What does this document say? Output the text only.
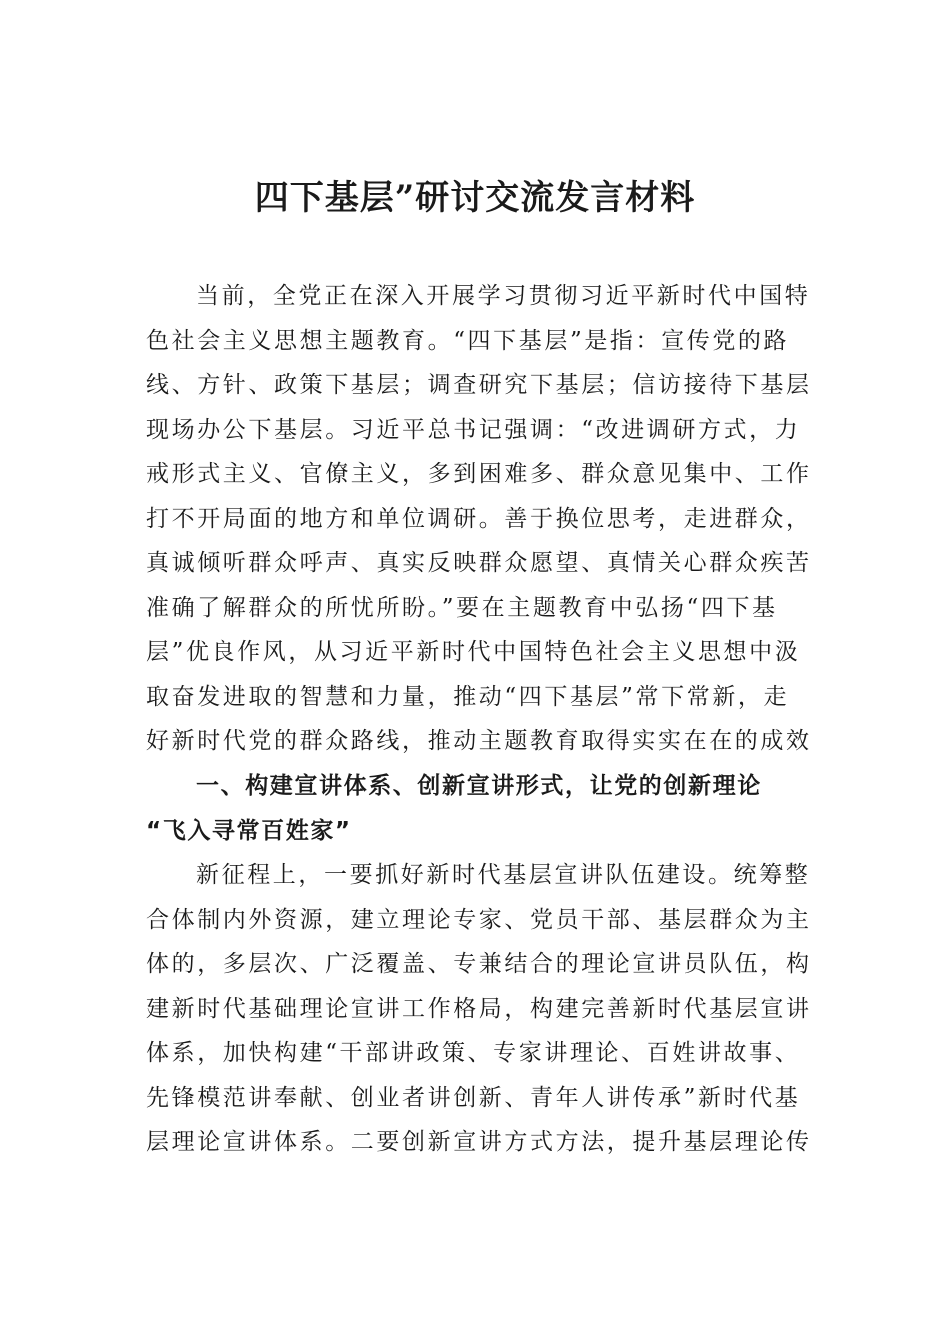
四下基层”研讨交流发言材料
当前，全党正在深入开展学习贯彻习近平新时代中国特
色社会主义思想主题教育。“四下基层”是指：宣传党的路
线、方针、政策下基层；调查研究下基层；信访接待下基层
现场办公下基层。习近平总书记强调：“改进调研方式，力
戒形式主义、官僚主义，多到困难多、群众意见集中、工作
打不开局面的地方和单位调研。善于换位思考，走进群众，
真诚倾听群众呼声、真实反映群众愿望、真情关心群众疾苦
准确了解群众的所忧所盼。”要在主题教育中弘扬“四下基
层”优良作风，从习近平新时代中国特色社会主义思想中汲
取奋发进取的智慧和力量，推动“四下基层”常下常新，走
好新时代党的群众路线，推动主题教育取得实实在在的成效
一、构建宣讲体系、创新宣讲形式，让党的创新理论
“飞入寻常百姓家”
新征程上，一要抓好新时代基层宣讲队伍建设。统筹整
合体制内外资源，建立理论专家、党员干部、基层群众为主
体的，多层次、广泛覆盖、专兼结合的理论宣讲员队伍，构
建新时代基础理论宣讲工作格局，构建完善新时代基层宣讲
体系，加快构建“干部讲政策、专家讲理论、百姓讲故事、
先锋模范讲奉献、创业者讲创新、青年人讲传承”新时代基
层理论宣讲体系。二要创新宣讲方式方法，提升基层理论传
